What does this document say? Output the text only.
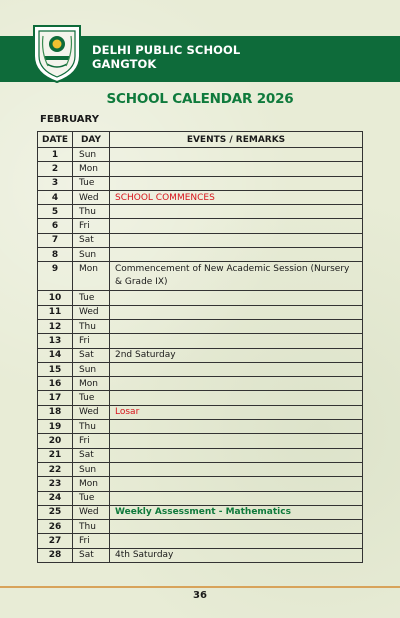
DELHI PUBLIC SCHOOL
GANGTOK
SCHOOL CALENDAR 2026
FEBRUARY
DATE	DAY	EVENTS / REMARKS
1	Sun	
2	Mon	
3	Tue	
4	Wed	SCHOOL COMMENCES
5	Thu	
6	Fri	
7	Sat	
8	Sun	
9	Mon	Commencement of New Academic Session (Nursery & Grade IX)
10	Tue	
11	Wed	
12	Thu	
13	Fri	
14	Sat	2nd Saturday
15	Sun	
16	Mon	
17	Tue	
18	Wed	Losar
19	Thu	
20	Fri	
21	Sat	
22	Sun	
23	Mon	
24	Tue	
25	Wed	Weekly Assessment - Mathematics
26	Thu	
27	Fri	
28	Sat	4th Saturday
36
